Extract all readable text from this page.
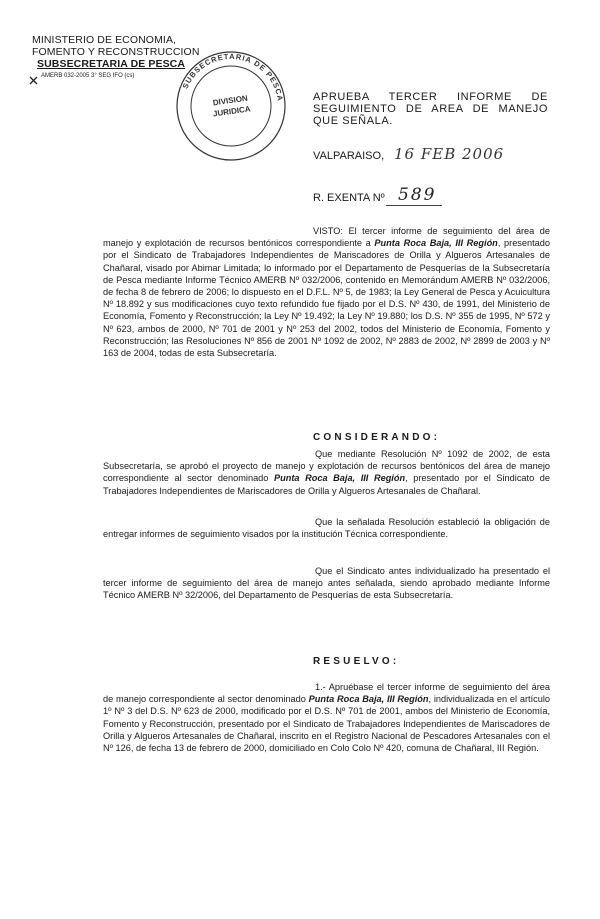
MINISTERIO DE ECONOMIA,
FOMENTO Y RECONSTRUCCION
SUBSECRETARIA DE PESCA
AMERB 032-2005 3° SEG IFO (cs)
SUBSECRETARIA DE PESCA
DIVISION
JURIDICA
APRUEBA TERCER INFORME DE SEGUIMIENTO DE AREA DE MANEJO QUE SEÑALA.
VALPARAISO, 16 FEB 2006
R. EXENTA Nº 589
VISTO: El tercer informe de seguimiento del área de manejo y explotación de recursos bentónicos correspondiente a Punta Roca Baja, III Región, presentado por el Sindicato de Trabajadores Independientes de Mariscadores de Orilla y Algueros Artesanales de Chañaral, visado por Abimar Limitada; lo informado por el Departamento de Pesquerías de la Subsecretaría de Pesca mediante Informe Técnico AMERB Nº 032/2006, contenido en Memorándum AMERB Nº 032/2006, de fecha 8 de febrero de 2006; lo dispuesto en el D.F.L. Nº 5, de 1983; la Ley General de Pesca y Acuicultura Nº 18.892 y sus modificaciones cuyo texto refundido fue fijado por el D.S. Nº 430, de 1991, del Ministerio de Economía, Fomento y Reconstrucción; la Ley Nº 19.492; la Ley Nº 19.880; los D.S. Nº 355 de 1995, Nº 572 y Nº 623, ambos de 2000, Nº 701 de 2001 y Nº 253 del 2002, todos del Ministerio de Economía, Fomento y Reconstrucción; las Resoluciones Nº 856 de 2001 Nº 1092 de 2002, Nº 2883 de 2002, Nº 2899 de 2003 y Nº 163 de 2004, todas de esta Subsecretaría.
CONSIDERANDO:
Que mediante Resolución Nº 1092 de 2002, de esta Subsecretaría, se aprobó el proyecto de manejo y explotación de recursos bentónicos del área de manejo correspondiente al sector denominado Punta Roca Baja, III Región, presentado por el Sindicato de Trabajadores Independientes de Mariscadores de Orilla y Algueros Artesanales de Chañaral.
Que la señalada Resolución estableció la obligación de entregar informes de seguimiento visados por la institución Técnica correspondiente.
Que el Sindicato antes individualizado ha presentado el tercer informe de seguimiento del área de manejo antes señalada, siendo aprobado mediante Informe Técnico AMERB Nº 32/2006, del Departamento de Pesquerías de esta Subsecretaría.
RESUELVO:
1.- Apruébase el tercer informe de seguimiento del área de manejo correspondiente al sector denominado Punta Roca Baja, III Región, individualizada en el artículo 1º Nº 3 del D.S. Nº 623 de 2000, modificado por el D.S. Nº 701 de 2001, ambos del Ministerio de Economía, Fomento y Reconstrucción, presentado por el Sindicato de Trabajadores Independientes de Mariscadores de Orilla y Algueros Artesanales de Chañaral, inscrito en el Registro Nacional de Pescadores Artesanales con el Nº 126, de fecha 13 de febrero de 2000, domiciliado en Colo Colo Nº 420, comuna de Chañaral, III Región.
